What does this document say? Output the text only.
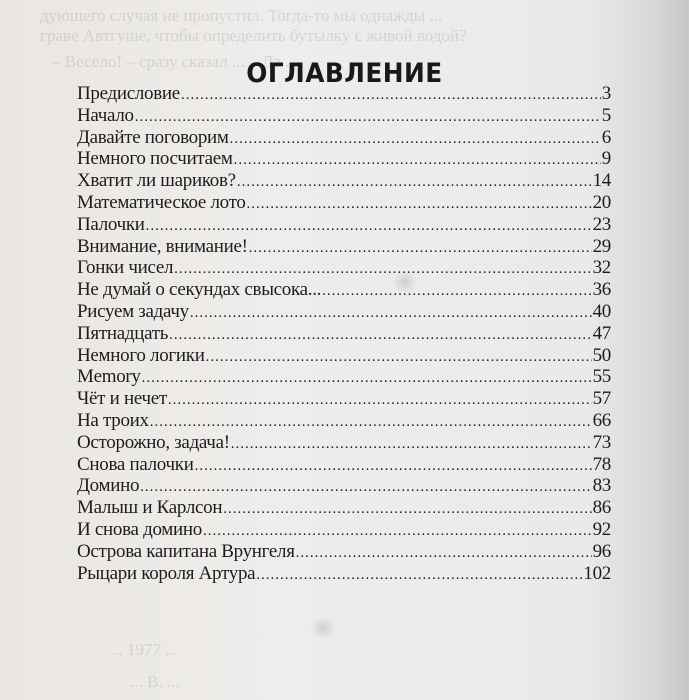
дующего случая не пропустил. Тогда-то мы однажды ...
граве Автгуше, чтобы определить бутылку с живой водой?
– Весело! – сразу сказал ... – Да ...
... 1977 ...
... В. ...
ОГЛАВЛЕНИЕ
Предисловие .....	3
Начало .....	5
Давайте поговорим .....	6
Немного посчитаем .....	9
Хватит ли шариков? .....	14
Математическое лото .....	20
Палочки .....	23
Внимание, внимание! .....	29
Гонки чисел .....	32
Не думай о секундах свысока... .....	36
Рисуем задачу .....	40
Пятнадцать .....	47
Немного логики .....	50
Memory .....	55
Чёт и нечет .....	57
На троих .....	66
Осторожно, задача! .....	73
Снова палочки .....	78
Домино .....	83
Малыш и Карлсон .....	86
И снова домино .....	92
Острова капитана Врунгеля .....	96
Рыцари короля Артура .....	102
